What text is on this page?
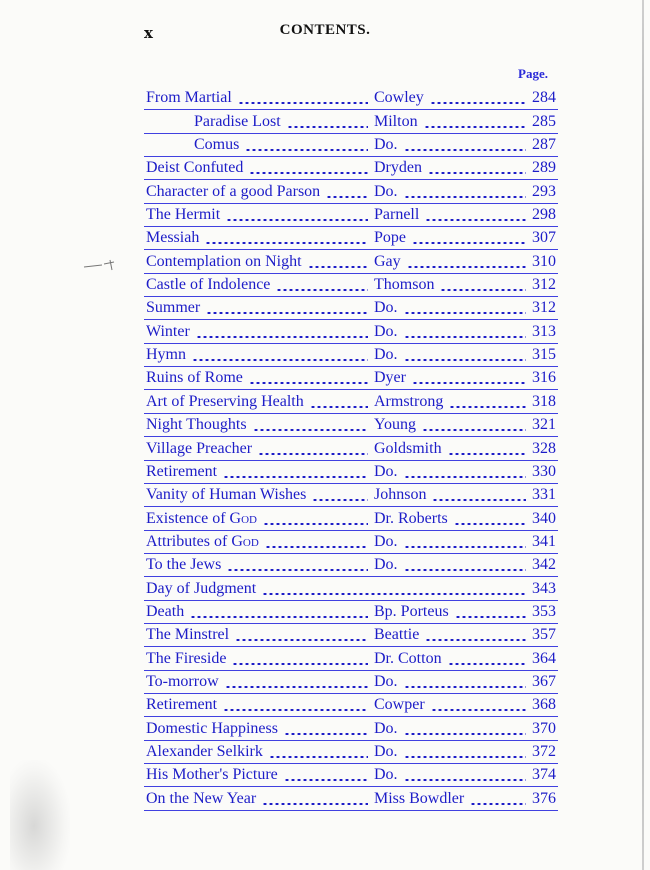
x	CONTENTS.
Page.
From Martial	Cowley	284
Paradise Lost	Milton	285
Comus	Do.	287
Deist Confuted	Dryden	289
Character of a good Parson	Do.	293
The Hermit	Parnell	298
Messiah	Pope	307
Contemplation on Night	Gay	310
Castle of Indolence	Thomson	312
Summer	Do.	312
Winter	Do.	313
Hymn	Do.	315
Ruins of Rome	Dyer	316
Art of Preserving Health	Armstrong	318
Night Thoughts	Young	321
Village Preacher	Goldsmith	328
Retirement	Do.	330
Vanity of Human Wishes	Johnson	331
Existence of God	Dr. Roberts	340
Attributes of God	Do.	341
To the Jews	Do.	342
Day of Judgment	343
Death	Bp. Porteus	353
The Minstrel	Beattie	357
The Fireside	Dr. Cotton	364
To-morrow	Do.	367
Retirement	Cowper	368
Domestic Happiness	Do.	370
Alexander Selkirk	Do.	372
His Mother's Picture	Do.	374
On the New Year	Miss Bowdler	376
